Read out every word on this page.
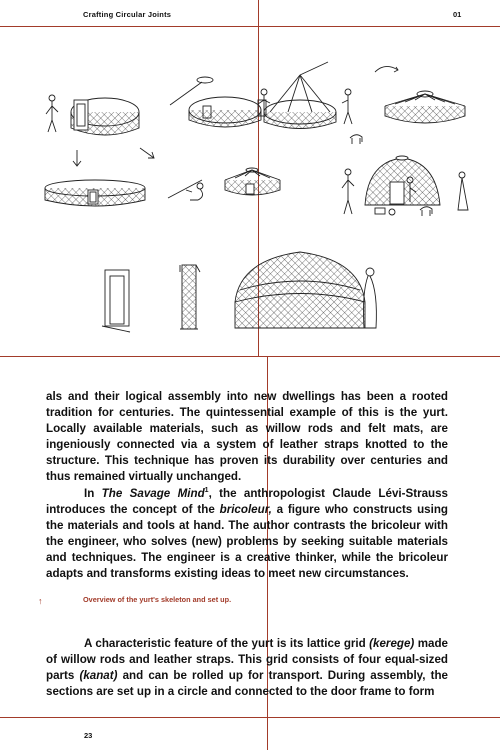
Crafting Circular Joints	01

als and their logical assembly into new dwellings has been a rooted tradition for centuries. The quintessential example of this is the yurt. Locally available materials, such as willow rods and felt mats, are ingeniously connected via a system of leather straps knotted to the structure. This technique has proven its durability over centuries and thus remained virtually unchanged.

In The Savage Mind$^1$, the anthropologist Claude Lévi-Strauss introduces the concept of the bricoleur, a figure who constructs using the materials and tools at hand. The author contrasts the bricoleur with the engineer, who solves (new) problems by seeking suitable materials and techniques. The engineer is a creative thinker, while the bricoleur adapts and transforms existing ideas to meet new circumstances.

↑	Overview of the yurt's skeleton and set up.

A characteristic feature of the yurt is its lattice grid (kerege) made of willow rods and leather straps. This grid consists of four equal-sized parts (kanat) and can be rolled up for transport. During assembly, the sections are set up in a circle and connected to the door frame to form

23
